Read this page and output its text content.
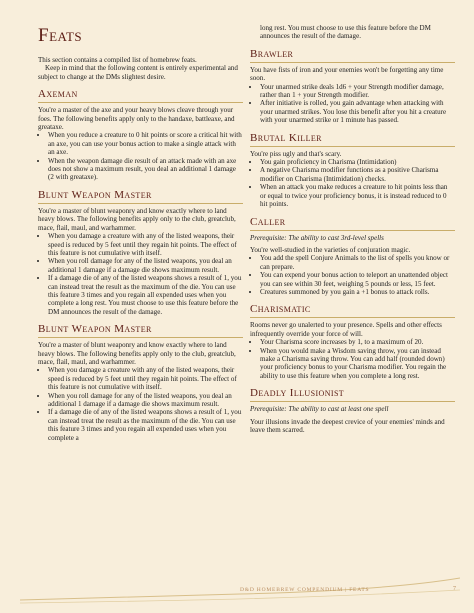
Feats

This section contains a compiled list of homebrew feats.

Keep in mind that the following content is entirely experimental and subject to change at the DMs slightest desire.

Axeman

You're a master of the axe and your heavy blows cleave through your foes. The following benefits apply only to the handaxe, battleaxe, and greataxe.

• When you reduce a creature to 0 hit points or score a critical hit with an axe, you can use your bonus action to make a single attack with an axe.
• When the weapon damage die result of an attack made with an axe does not show a maximum result, you deal an additional 1 damage (2 with greataxe).
Blunt Weapon Master

You're a master of blunt weaponry and know exactly where to land heavy blows. The following benefits apply only to the club, greatclub, mace, flail, maul, and warhammer.

• When you damage a creature with any of the listed weapons, their speed is reduced by 5 feet until they regain hit points. The effect of this feature is not cumulative with itself.
• When you roll damage for any of the listed weapons, you deal an additional 1 damage if a damage die shows maximum result.
• If a damage die of any of the listed weapons shows a result of 1, you can instead treat the result as the maximum of the die. You can use this feature 3 times and you regain all expended uses when you complete a long rest. You must choose to use this feature before the DM announces the result of the damage.
Blunt Weapon Master

You're a master of blunt weaponry and know exactly where to land heavy blows. The following benefits apply only to the club, greatclub, mace, flail, maul, and warhammer.

• When you damage a creature with any of the listed weapons, their speed is reduced by 5 feet until they regain hit points. The effect of this feature is not cumulative with itself.
• When you roll damage for any of the listed weapons, you deal an additional 1 damage if a damage die shows maximum result.
• If a damage die of any of the listed weapons shows a result of 1, you can instead treat the result as the maximum of the die. You can use this feature 3 times and you regain all expended uses when you complete a

long rest. You must choose to use this feature before the DM announces the result of the damage.

Brawler

You have fists of iron and your enemies won't be forgetting any time soon.

• Your unarmed strike deals 1d6 + your Strength modifier damage, rather than 1 + your Strength modifier.
• After initiative is rolled, you gain advantage when attacking with your unarmed strikes. You lose this benefit after you hit a creature with your unarmed strike or 1 minute has passed.
Brutal Killer

You're piss ugly and that's scary.

• You gain proficiency in Charisma (Intimidation)
• A negative Charisma modifier functions as a positive Charisma modifier on Charisma (Intimidation) checks.
• When an attack you make reduces a creature to hit points less than or equal to twice your proficiency bonus, it is instead reduced to 0 hit points.
Caller

Prerequisite: The ability to cast 3rd-level spells

You're well-studied in the varieties of conjuration magic.

• You add the spell Conjure Animals to the list of spells you know or can prepare.
• You can expend your bonus action to teleport an unattended object you can see within 30 feet, weighing 5 pounds or less, 15 feet.
• Creatures summoned by you gain a +1 bonus to attack rolls.
Charismatic

Rooms never go unalerted to your presence. Spells and other effects infrequently override your force of will.

• Your Charisma score increases by 1, to a maximum of 20.
• When you would make a Wisdom saving throw, you can instead make a Charisma saving throw. You can add half (rounded down) your proficiency bonus to your Charisma modifier. You regain the ability to use this feature when you complete a long rest.
Deadly Illusionist

Prerequisite: The ability to cast at least one spell

Your illusions invade the deepest crevice of your enemies' minds and leave them scarred.

D&D HOMEBREW COMPENDIUM | FEATS	7
